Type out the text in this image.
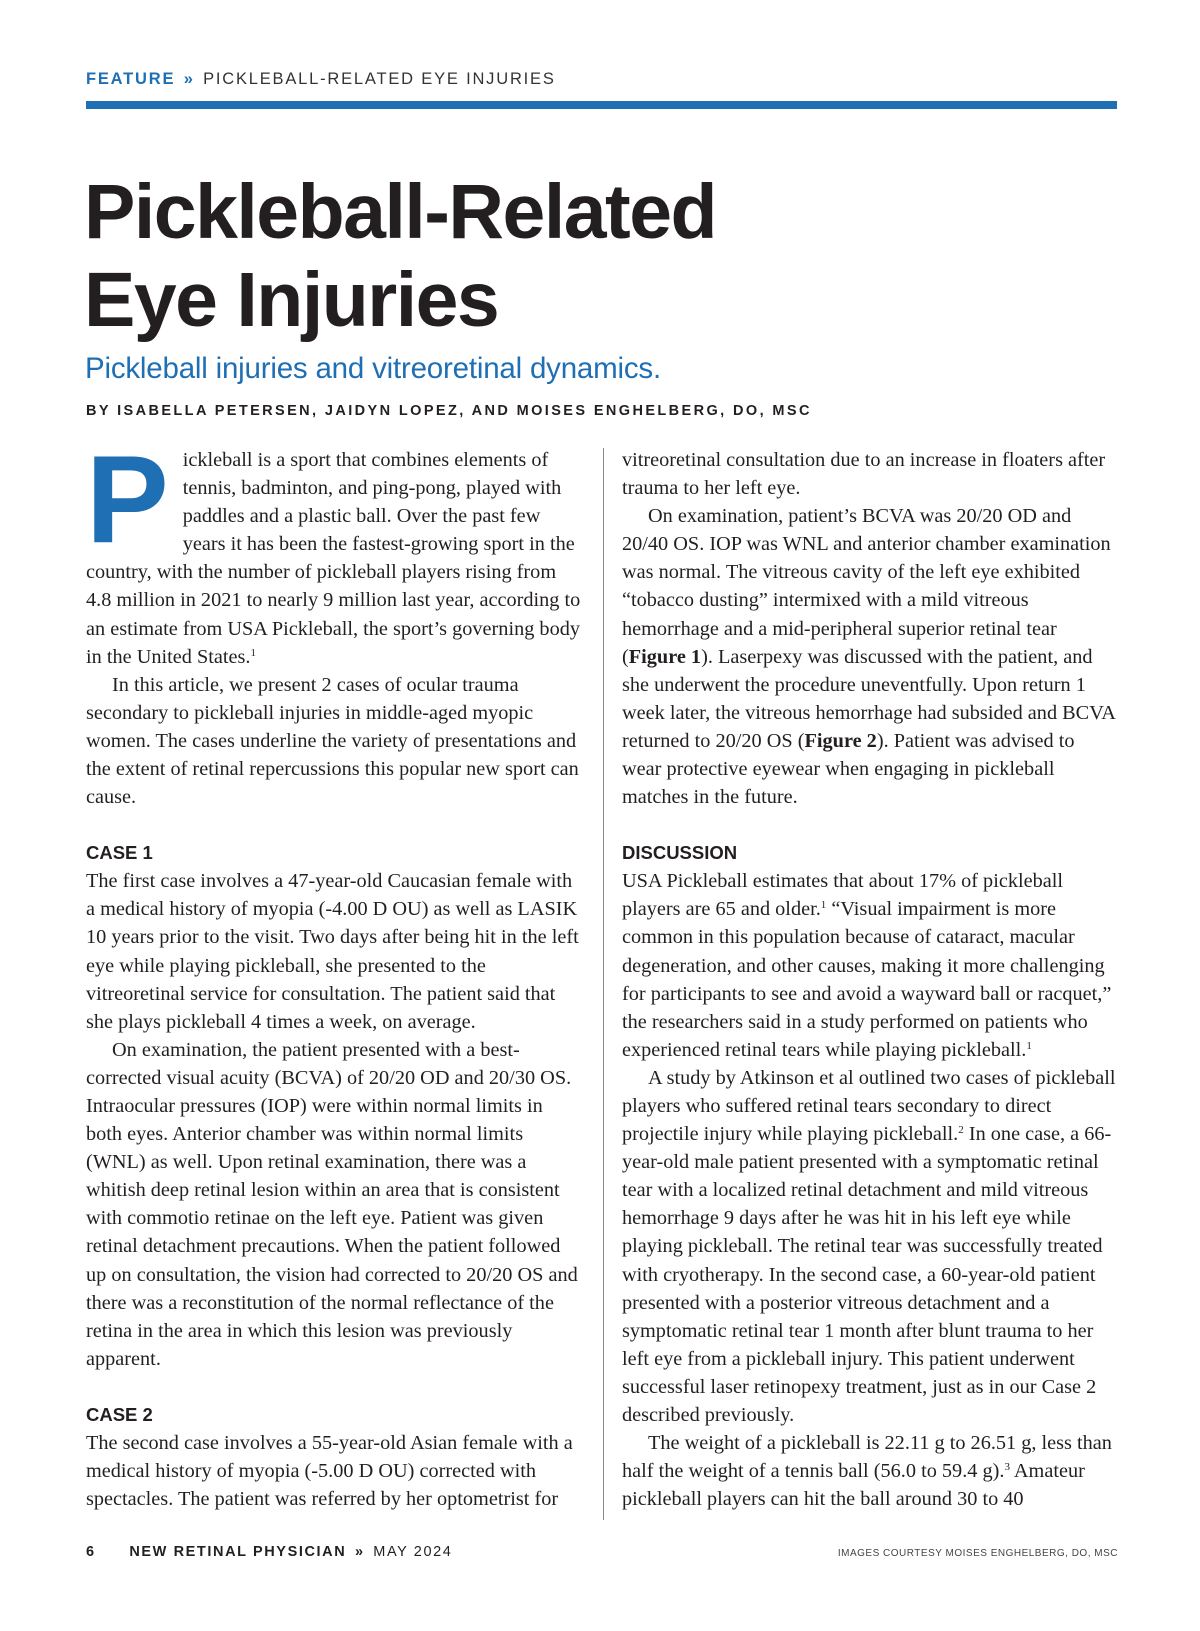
FEATURE » PICKLEBALL-RELATED EYE INJURIES
Pickleball-Related
Eye Injuries
Pickleball injuries and vitreoretinal dynamics.
BY ISABELLA PETERSEN, JAIDYN LOPEZ, AND MOISES ENGHELBERG, DO, MSC

Pickleball is a sport that combines elements of tennis, badminton, and ping-pong, played with paddles and a plastic ball. Over the past few years it has been the fastest-growing sport in the country, with the number of pickleball players rising from 4.8 million in 2021 to nearly 9 million last year, according to an estimate from USA Pickleball, the sport’s governing body in the United States.$^1$

In this article, we present 2 cases of ocular trauma secondary to pickleball injuries in middle-aged myopic women. The cases underline the variety of presentations and the extent of retinal repercussions this popular new sport can cause.

CASE 1

The first case involves a 47-year-old Caucasian female with a medical history of myopia (-4.00 D OU) as well as LASIK 10 years prior to the visit. Two days after being hit in the left eye while playing pickleball, she presented to the vitreoretinal service for consultation. The patient said that she plays pickleball 4 times a week, on average.

On examination, the patient presented with a best-corrected visual acuity (BCVA) of 20/20 OD and 20/30 OS. Intraocular pressures (IOP) were within normal limits in both eyes. Anterior chamber was within normal limits (WNL) as well. Upon retinal examination, there was a whitish deep retinal lesion within an area that is consistent with commotio retinae on the left eye. Patient was given retinal detachment precautions. When the patient followed up on consultation, the vision had corrected to 20/20 OS and there was a reconstitution of the normal reflectance of the retina in the area in which this lesion was previously apparent.

CASE 2

The second case involves a 55-year-old Asian female with a medical history of myopia (-5.00 D OU) corrected with spectacles. The patient was referred by her optometrist for

vitreoretinal consultation due to an increase in floaters after trauma to her left eye.

On examination, patient’s BCVA was 20/20 OD and 20/40 OS. IOP was WNL and anterior chamber examination was normal. The vitreous cavity of the left eye exhibited “tobacco dusting” intermixed with a mild vitreous hemorrhage and a mid-peripheral superior retinal tear (Figure 1). Laserpexy was discussed with the patient, and she underwent the procedure uneventfully. Upon return 1 week later, the vitreous hemorrhage had subsided and BCVA returned to 20/20 OS (Figure 2). Patient was advised to wear protective eyewear when engaging in pickleball matches in the future.

DISCUSSION

USA Pickleball estimates that about 17% of pickleball players are 65 and older.$^1$ “Visual impairment is more common in this population because of cataract, macular degeneration, and other causes, making it more challenging for participants to see and avoid a wayward ball or racquet,” the researchers said in a study performed on patients who experienced retinal tears while playing pickleball.$^1$

A study by Atkinson et al outlined two cases of pickleball players who suffered retinal tears secondary to direct projectile injury while playing pickleball.$^2$ In one case, a 66-year-old male patient presented with a symptomatic retinal tear with a localized retinal detachment and mild vitreous hemorrhage 9 days after he was hit in his left eye while playing pickleball. The retinal tear was successfully treated with cryotherapy. In the second case, a 60-year-old patient presented with a posterior vitreous detachment and a symptomatic retinal tear 1 month after blunt trauma to her left eye from a pickleball injury. This patient underwent successful laser retinopexy treatment, just as in our Case 2 described previously.

The weight of a pickleball is 22.11 g to 26.51 g, less than half the weight of a tennis ball (56.0 to 59.4 g).$^3$ Amateur pickleball players can hit the ball around 30 to 40

6 NEW RETINAL PHYSICIAN » MAY 2024	IMAGES COURTESY MOISES ENGHELBERG, DO, MSC
